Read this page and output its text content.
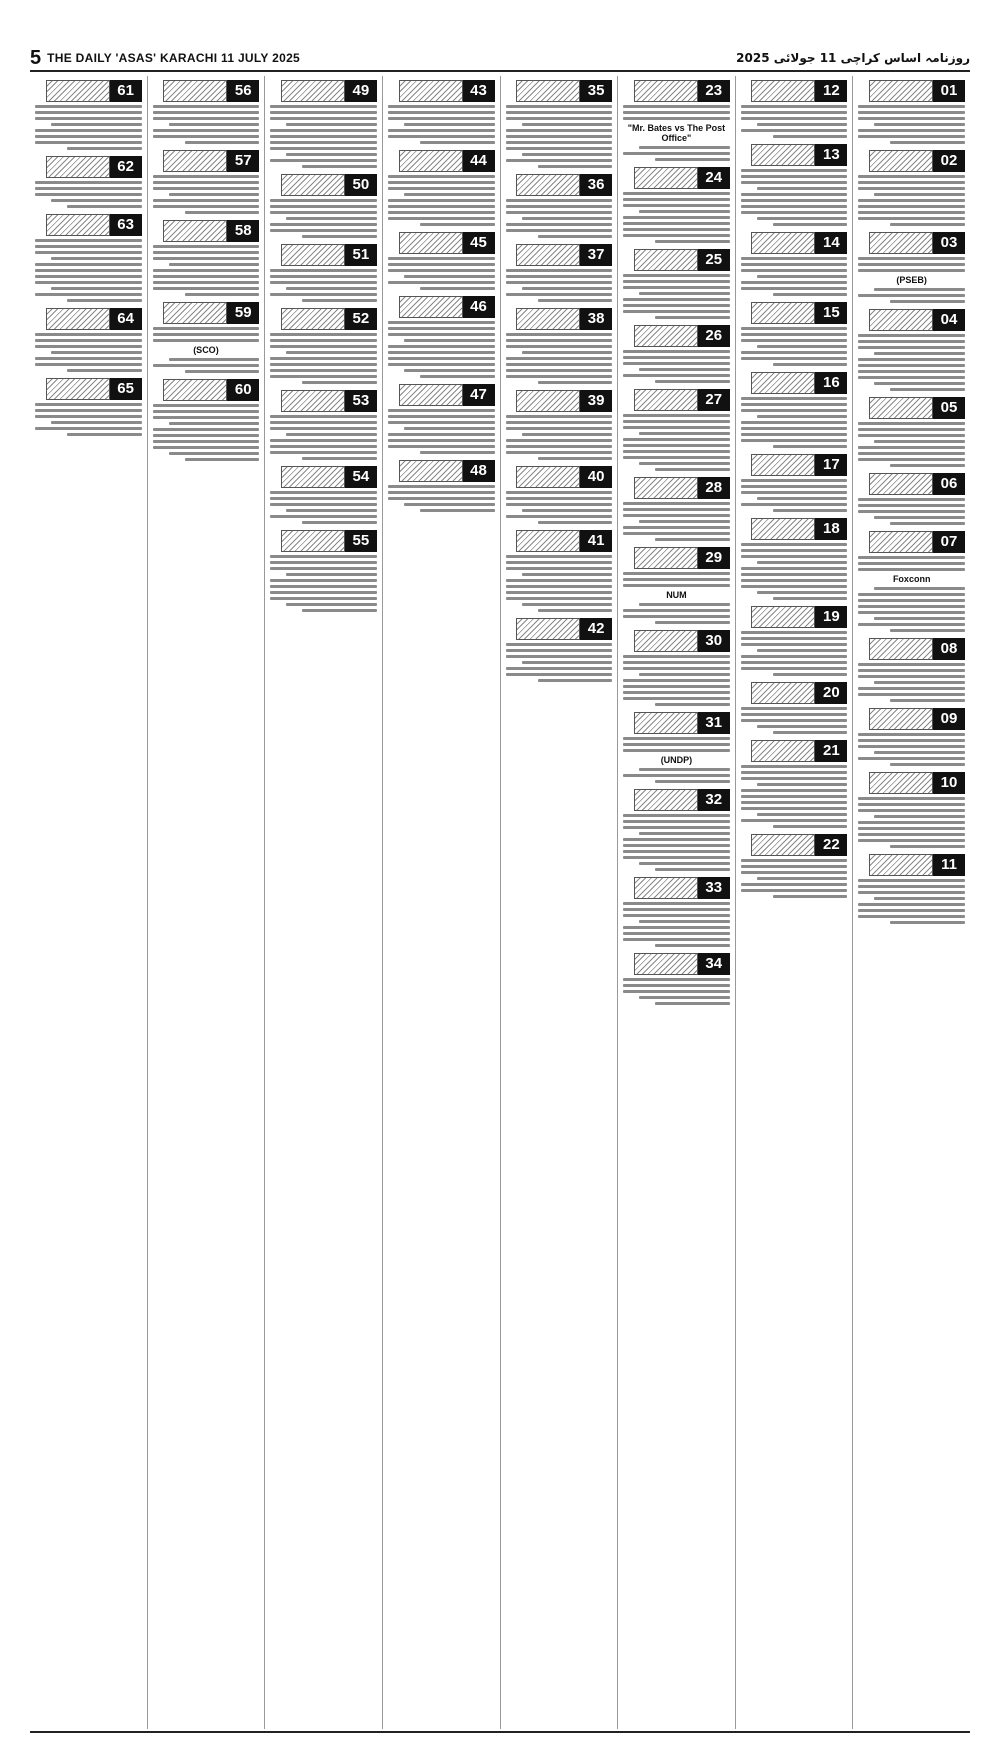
5 THE DAILY 'ASAS' KARACHI 11 JULY 2025	روزنامہ اساس کراچی 11 جولائی 2025
01
02
03
(PSEB)
04
05
06
07
Foxconn
08
09
10
11
12
13
14
15
16
17
18
19
20
21
22
23
"Mr. Bates vs The Post Office"
24
25
26
27
28
29
NUM
30
31
(UNDP)
32
33
34
35
36
37
38
39
40
41
42
43
44
45
46
47
48
49
50
51
52
53
54
55
56
57
58
59
(SCO)
60
61
62
63
64
65
